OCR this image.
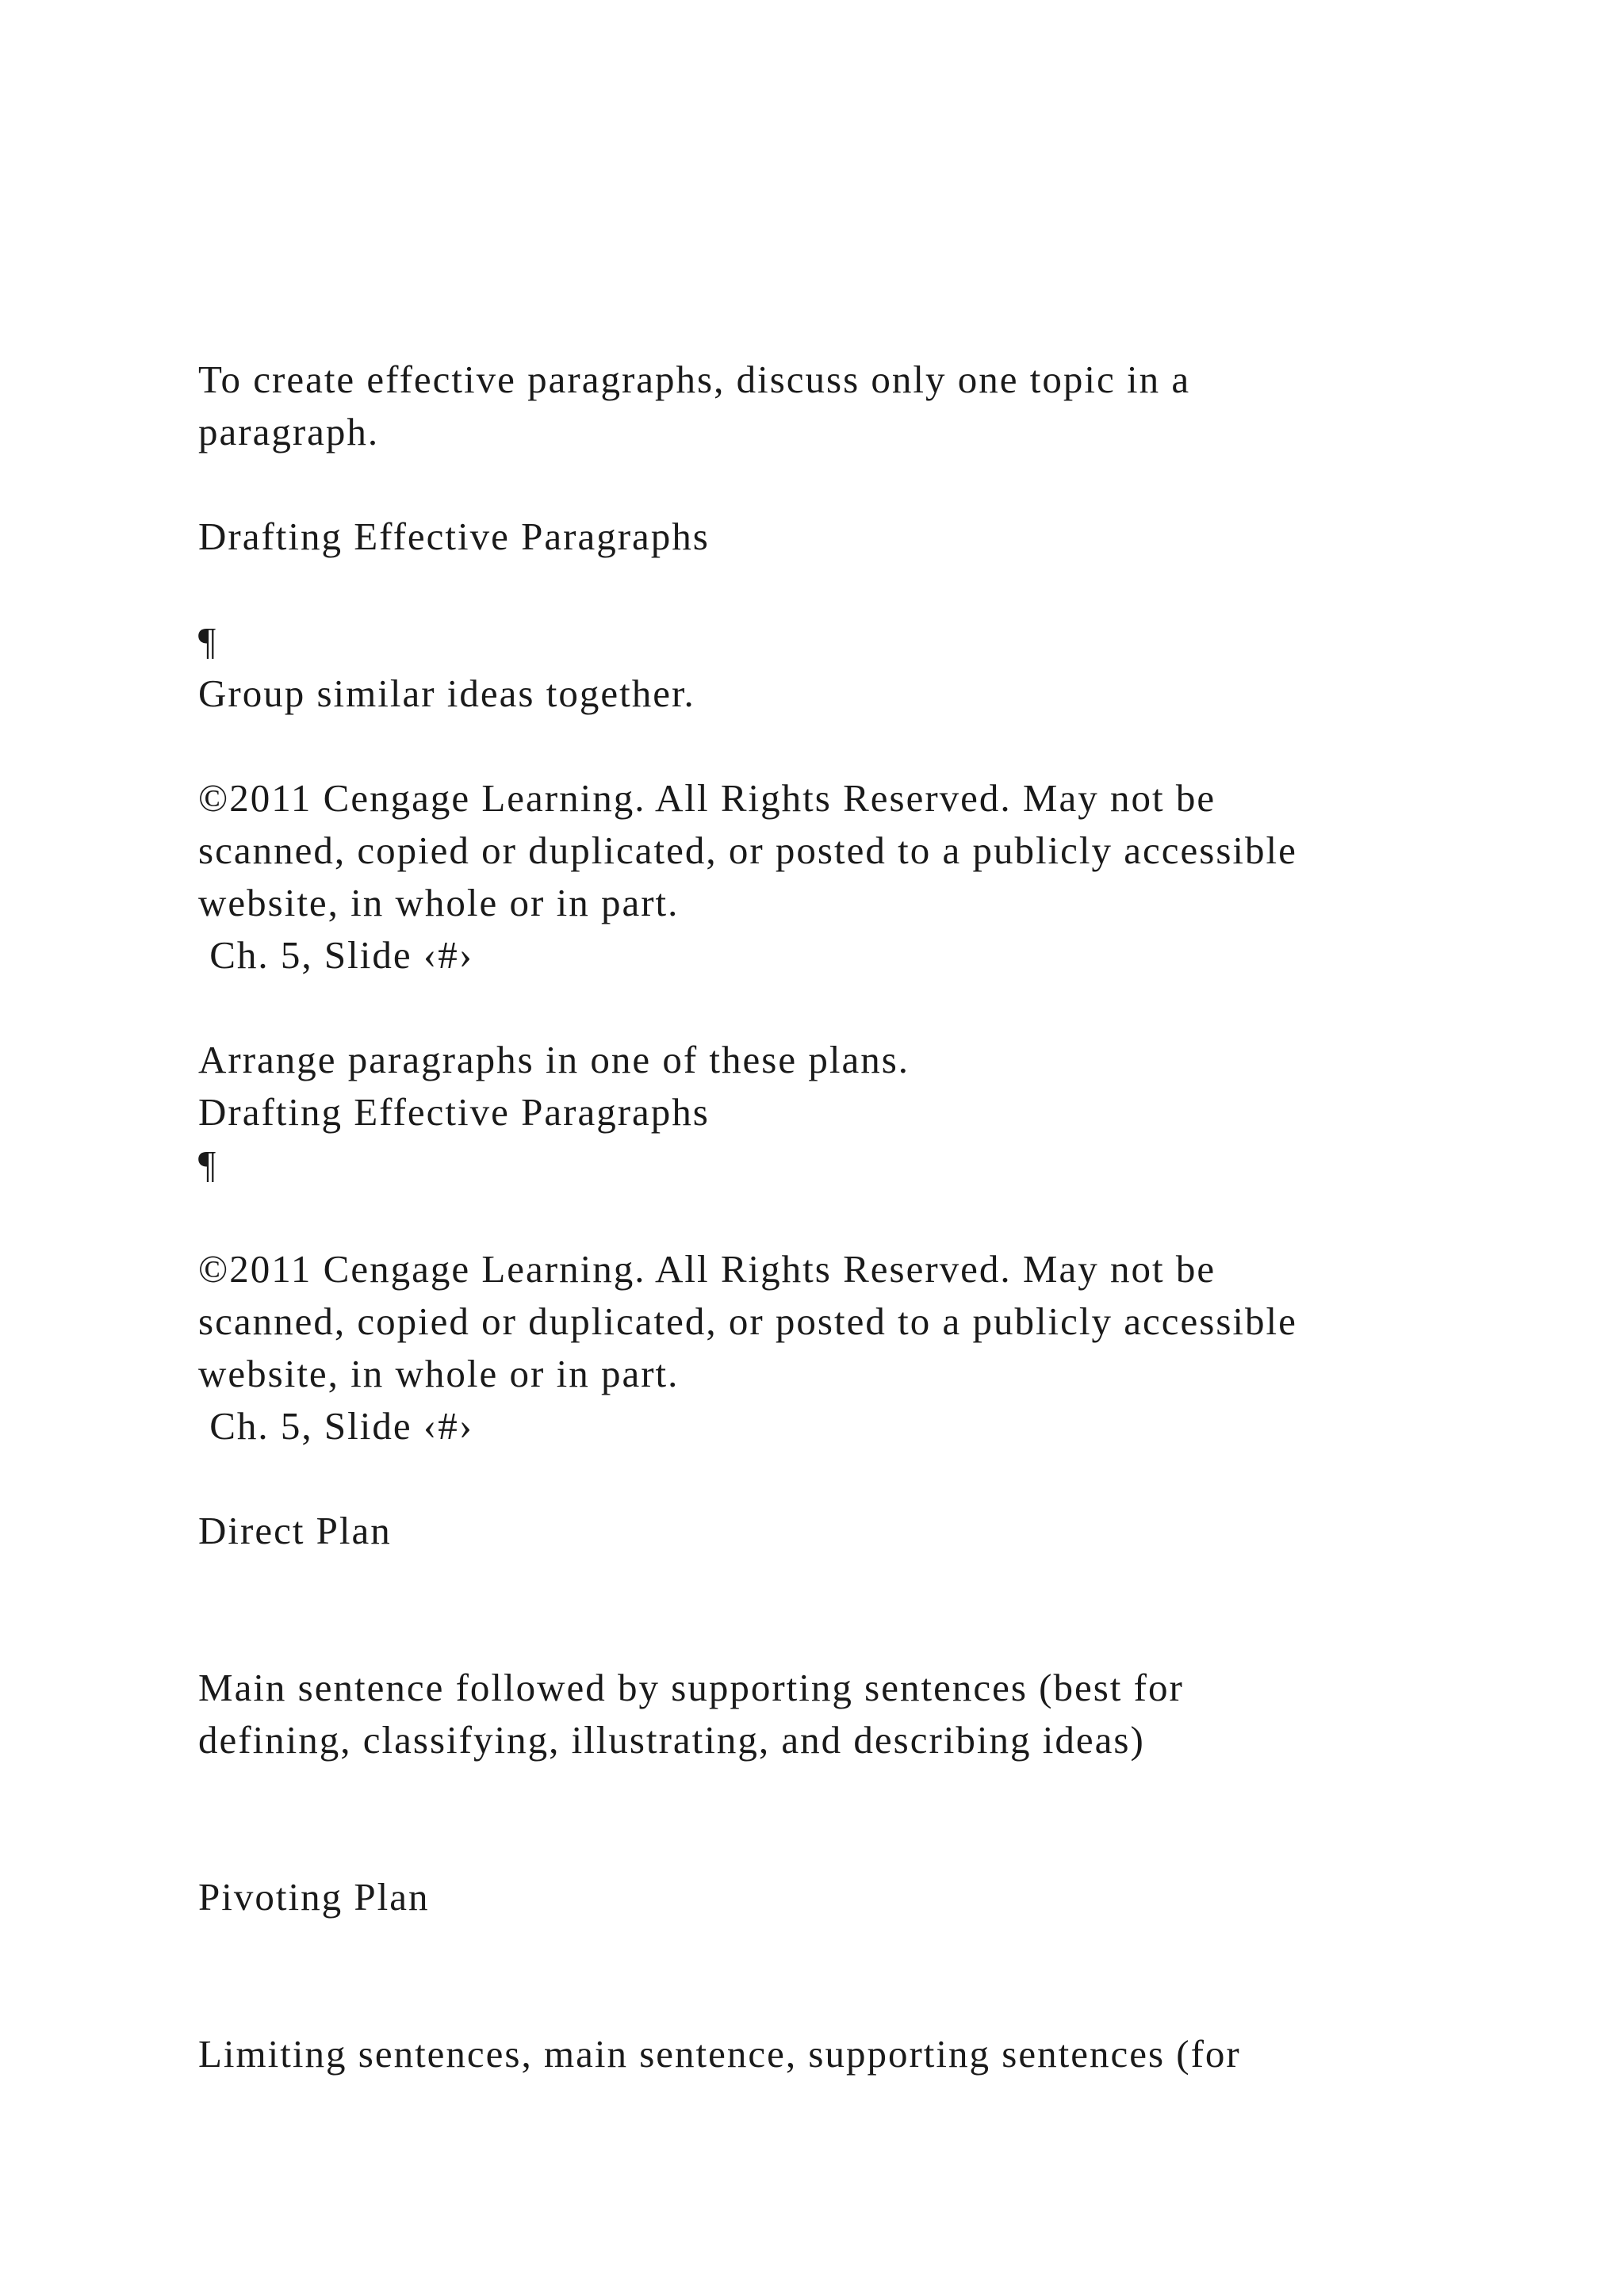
To create effective paragraphs, discuss only one topic in a

paragraph.

Drafting Effective Paragraphs

¶

Group similar ideas together.

©2011 Cengage Learning. All Rights Reserved. May not be

scanned, copied or duplicated, or posted to a publicly accessible

website, in whole or in part.

Ch. 5, Slide ‹#›

Arrange paragraphs in one of these plans.

Drafting Effective Paragraphs

¶

©2011 Cengage Learning. All Rights Reserved. May not be

scanned, copied or duplicated, or posted to a publicly accessible

website, in whole or in part.

Ch. 5, Slide ‹#›

Direct Plan

Main sentence followed by supporting sentences (best for

defining, classifying, illustrating, and describing ideas)

Pivoting Plan

Limiting sentences, main sentence, supporting sentences (for
